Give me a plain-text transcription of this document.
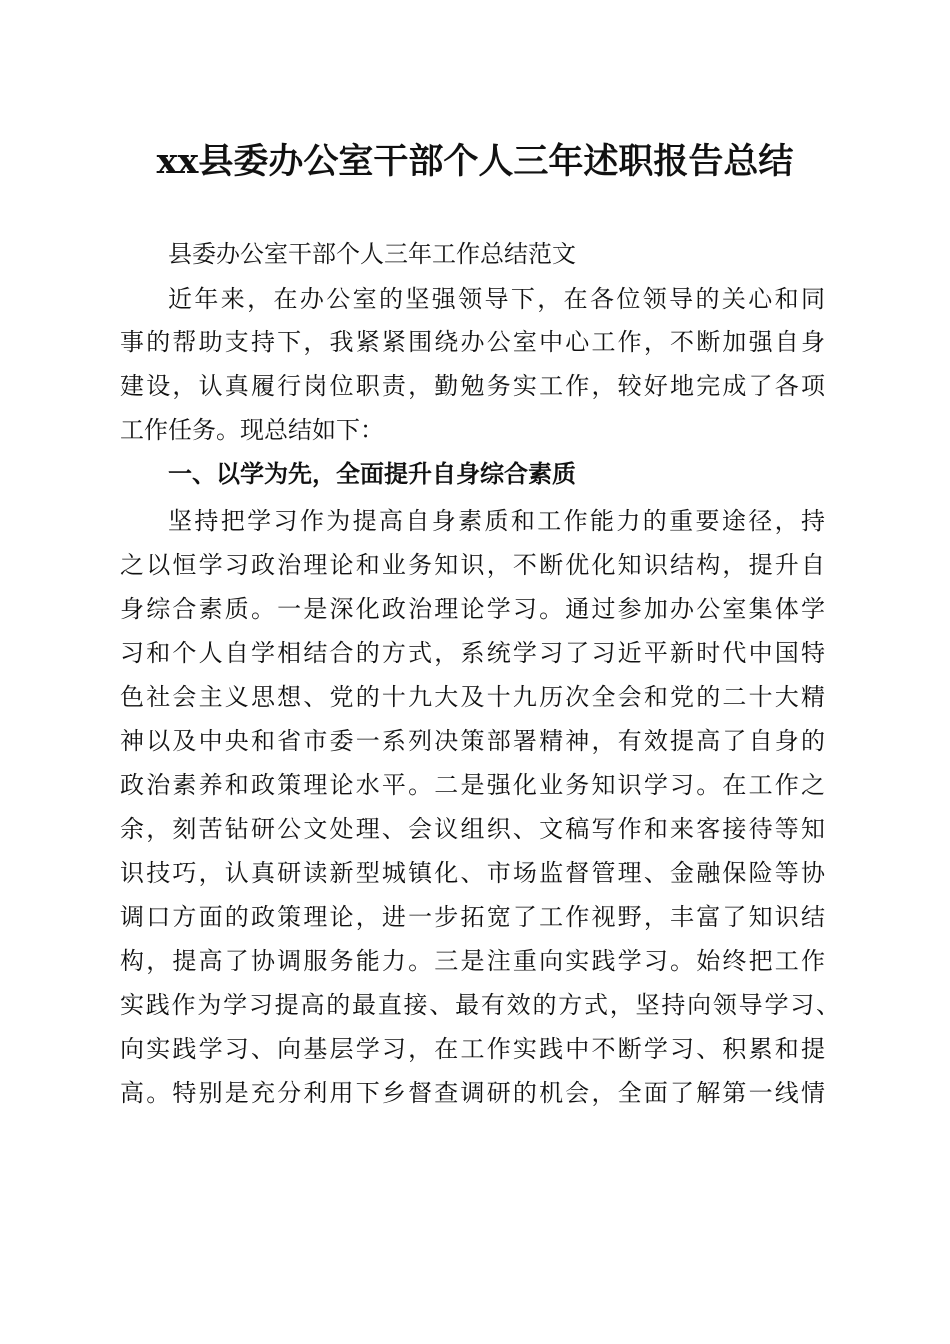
xx县委办公室干部个人三年述职报告总结
县委办公室干部个人三年工作总结范文
近年来，在办公室的坚强领导下，在各位领导的关心和同
事的帮助支持下，我紧紧围绕办公室中心工作，不断加强自身
建设，认真履行岗位职责，勤勉务实工作，较好地完成了各项
工作任务。现总结如下：
一、以学为先，全面提升自身综合素质
坚持把学习作为提高自身素质和工作能力的重要途径，持
之以恒学习政治理论和业务知识，不断优化知识结构，提升自
身综合素质。一是深化政治理论学习。通过参加办公室集体学
习和个人自学相结合的方式，系统学习了习近平新时代中国特
色社会主义思想、党的十九大及十九历次全会和党的二十大精
神以及中央和省市委一系列决策部署精神，有效提高了自身的
政治素养和政策理论水平。二是强化业务知识学习。在工作之
余，刻苦钻研公文处理、会议组织、文稿写作和来客接待等知
识技巧，认真研读新型城镇化、市场监督管理、金融保险等协
调口方面的政策理论，进一步拓宽了工作视野，丰富了知识结
构，提高了协调服务能力。三是注重向实践学习。始终把工作
实践作为学习提高的最直接、最有效的方式，坚持向领导学习、
向实践学习、向基层学习，在工作实践中不断学习、积累和提
高。特别是充分利用下乡督查调研的机会，全面了解第一线情
